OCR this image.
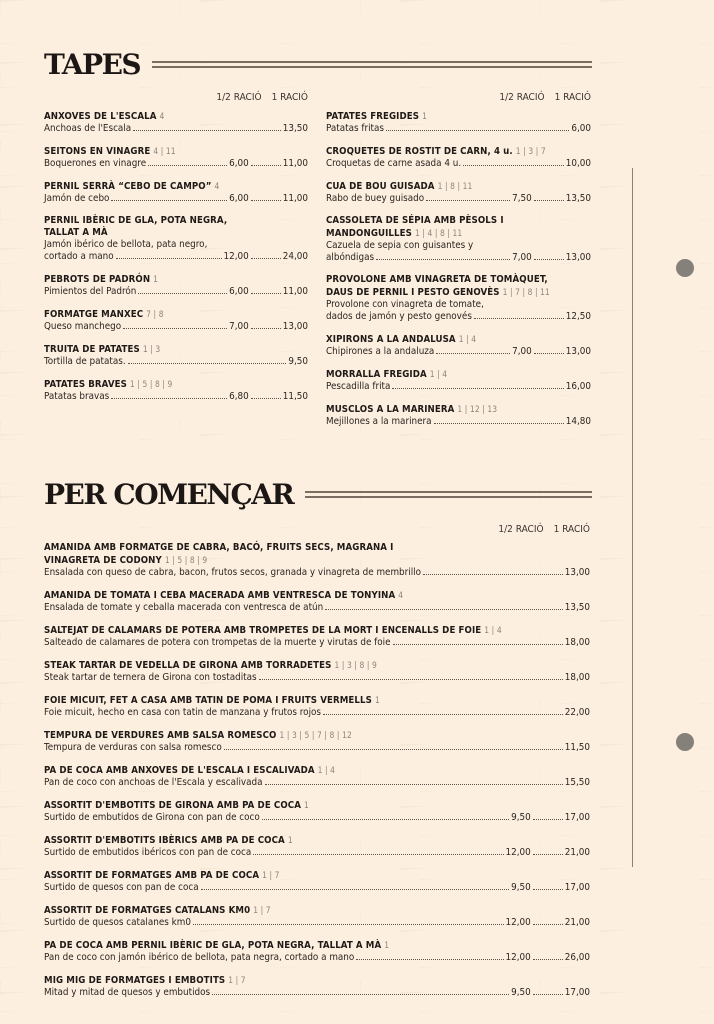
TAPES
1/2 RACIÓ 1 RACIÓ
ANXOVES DE L'ESCALA 4
Anchoas de l'Escala	13,50
SEITONS EN VINAGRE 4 | 11
Boquerones en vinagre	6,00	11,00
PERNIL SERRÀ “CEBO DE CAMPO” 4
Jamón de cebo	6,00	11,00
PERNIL IBÈRIC DE GLA, POTA NEGRA,
TALLAT A MÀ
Jamón ibérico de bellota, pata negro,
cortado a mano	12,00	24,00
PEBROTS DE PADRÓN 1
Pimientos del Padrón	6,00	11,00
FORMATGE MANXEC 7 | 8
Queso manchego	7,00	13,00
TRUITA DE PATATES 1 | 3
Tortilla de patatas.	9,50
PATATES BRAVES 1 | 5 | 8 | 9
Patatas bravas	6,80	11,50
1/2 RACIÓ 1 RACIÓ
PATATES FREGIDES 1
Patatas fritas	6,00
CROQUETES DE ROSTIT DE CARN, 4 u. 1 | 3 | 7
Croquetas de carne asada 4 u.	10,00
CUA DE BOU GUISADA 1 | 8 | 11
Rabo de buey guisado	7,50	13,50
CASSOLETA DE SÉPIA AMB PÈSOLS I
MANDONGUILLES 1 | 4 | 8 | 11
Cazuela de sepia con guisantes y
albóndigas	7,00	13,00
PROVOLONE AMB VINAGRETA DE TOMÀQUET,
DAUS DE PERNIL I PESTO GENOVÈS 1 | 7 | 8 | 11
Provolone con vinagreta de tomate,
dados de jamón y pesto genovés	12,50
XIPIRONS A LA ANDALUSA 1 | 4
Chipirones a la andaluza	7,00	13,00
MORRALLA FREGIDA 1 | 4
Pescadilla frita	16,00
MUSCLOS A LA MARINERA 1 | 12 | 13
Mejillones a la marinera	14,80
PER COMENÇAR
1/2 RACIÓ 1 RACIÓ
AMANIDA AMB FORMATGE DE CABRA, BACÓ, FRUITS SECS, MAGRANA I
VINAGRETA DE CODONY 1 | 5 | 8 | 9
Ensalada con queso de cabra, bacon, frutos secos, granada y vinagreta de membrillo	13,00
AMANIDA DE TOMATA I CEBA MACERADA AMB VENTRESCA DE TONYINA 4
Ensalada de tomate y ceballa macerada con ventresca de atún	13,50
SALTEJAT DE CALAMARS DE POTERA AMB TROMPETES DE LA MORT I ENCENALLS DE FOIE 1 | 4
Salteado de calamares de potera con trompetas de la muerte y virutas de foie	18,00
STEAK TARTAR DE VEDELLA DE GIRONA AMB TORRADETES 1 | 3 | 8 | 9
Steak tartar de ternera de Girona con tostaditas	18,00
FOIE MICUIT, FET A CASA AMB TATIN DE POMA I FRUITS VERMELLS 1
Foie micuit, hecho en casa con tatin de manzana y frutos rojos	22,00
TEMPURA DE VERDURES AMB SALSA ROMESCO 1 | 3 | 5 | 7 | 8 | 12
Tempura de verduras con salsa romesco	11,50
PA DE COCA AMB ANXOVES DE L'ESCALA I ESCALIVADA 1 | 4
Pan de coco con anchoas de l'Escala y escalivada	15,50
ASSORTIT D'EMBOTITS DE GIRONA AMB PA DE COCA 1
Surtido de embutidos de Girona con pan de coco	9,50	17,00
ASSORTIT D'EMBOTITS IBÈRICS AMB PA DE COCA 1
Surtido de embutidos ibéricos con pan de coca	12,00	21,00
ASSORTIT DE FORMATGES AMB PA DE COCA 1 | 7
Surtido de quesos con pan de coca	9,50	17,00
ASSORTIT DE FORMATGES CATALANS KM0 1 | 7
Surtido de quesos catalanes km0	12,00	21,00
PA DE COCA AMB PERNIL IBÈRIC DE GLA, POTA NEGRA, TALLAT A MÀ 1
Pan de coco con jamón ibérico de bellota, pata negra, cortado a mano	12,00	26,00
MIG MIG DE FORMATGES I EMBOTITS 1 | 7
Mitad y mitad de quesos y embutidos	9,50	17,00
